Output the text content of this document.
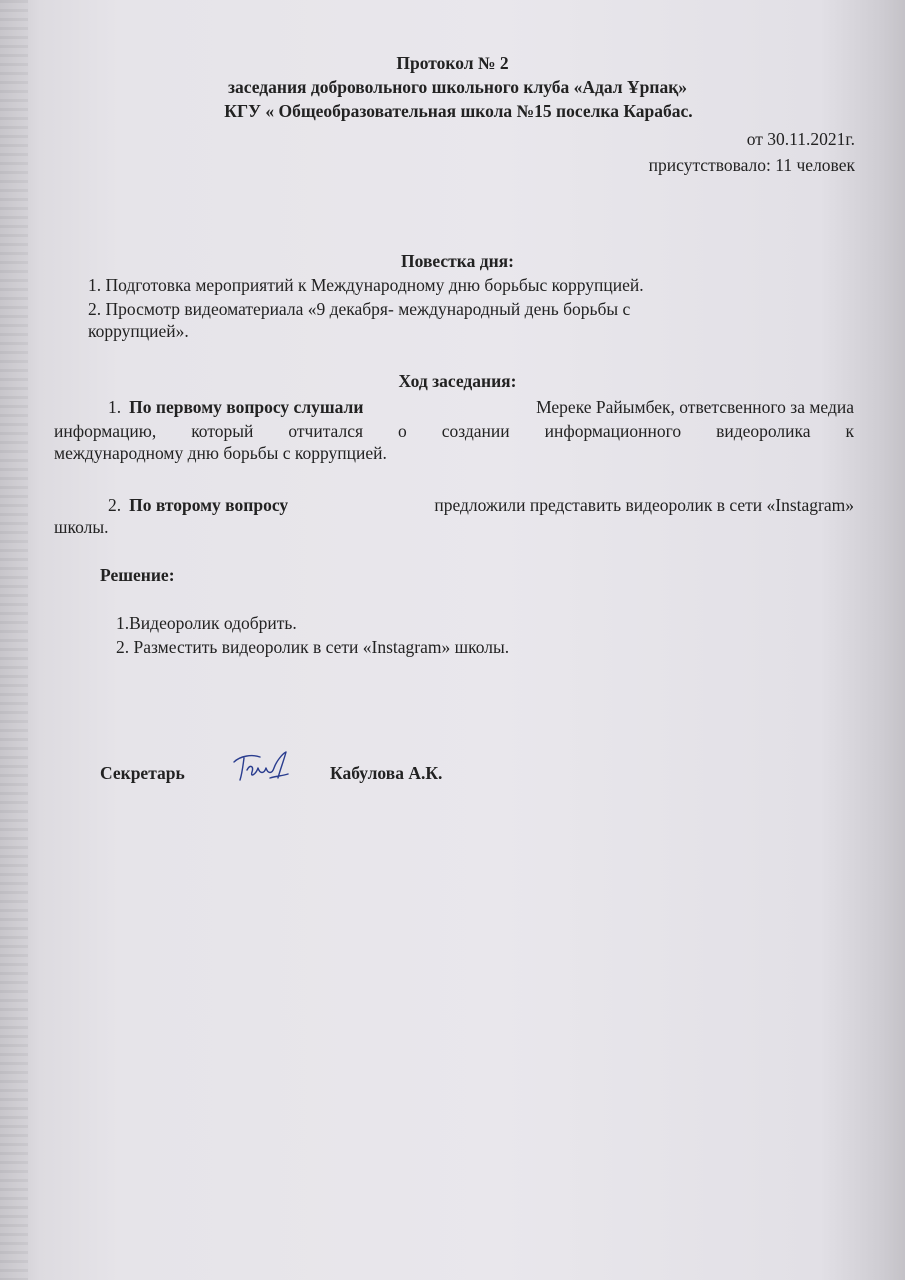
Протокол № 2
заседания добровольного школьного клуба «Адал Ұрпақ»
КГУ « Общеобразовательная школа №15 поселка Карабас.
от 30.11.2021г.
присутствовало: 11 человек
Повестка дня:
1. Подготовка мероприятий к Международному дню борьбыс коррупцией.
2. Просмотр видеоматериала «9 декабря- международный день борьбы с
коррупцией».
Ход заседания:
1. По первому вопросу слушали	Мереке Райымбек, ответсвенного за медиа
информацию, который отчитался о создании информационного видеоролика к
международному дню борьбы с коррупцией.
2. По второму вопросу	предложили представить видеоролик в сети «Instagram»
школы.
Решение:
1.Видеоролик одобрить.
2. Разместить видеоролик в сети «Instagram» школы.
Секретарь	Кабулова А.К.
